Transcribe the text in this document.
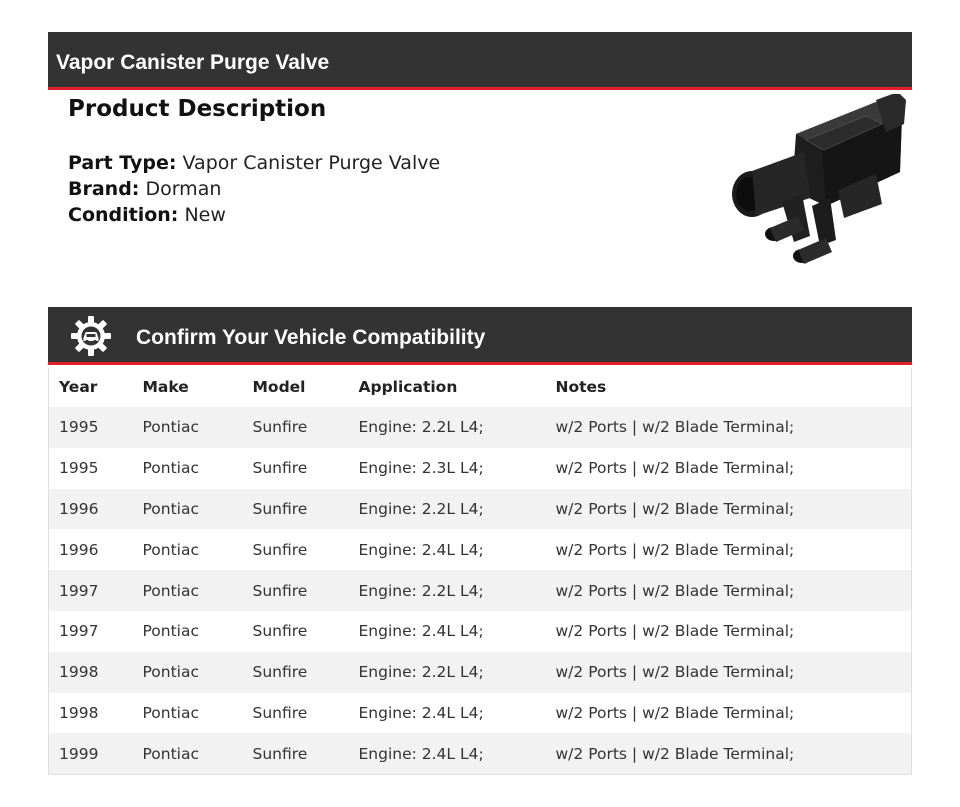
Vapor Canister Purge Valve
Product Description
Part Type: Vapor Canister Purge Valve
Brand: Dorman
Condition: New
Confirm Your Vehicle Compatibility
Year	Make	Model	Application	Notes
1995	Pontiac	Sunfire	Engine: 2.2L L4;	w/2 Ports | w/2 Blade Terminal;
1995	Pontiac	Sunfire	Engine: 2.3L L4;	w/2 Ports | w/2 Blade Terminal;
1996	Pontiac	Sunfire	Engine: 2.2L L4;	w/2 Ports | w/2 Blade Terminal;
1996	Pontiac	Sunfire	Engine: 2.4L L4;	w/2 Ports | w/2 Blade Terminal;
1997	Pontiac	Sunfire	Engine: 2.2L L4;	w/2 Ports | w/2 Blade Terminal;
1997	Pontiac	Sunfire	Engine: 2.4L L4;	w/2 Ports | w/2 Blade Terminal;
1998	Pontiac	Sunfire	Engine: 2.2L L4;	w/2 Ports | w/2 Blade Terminal;
1998	Pontiac	Sunfire	Engine: 2.4L L4;	w/2 Ports | w/2 Blade Terminal;
1999	Pontiac	Sunfire	Engine: 2.4L L4;	w/2 Ports | w/2 Blade Terminal;
